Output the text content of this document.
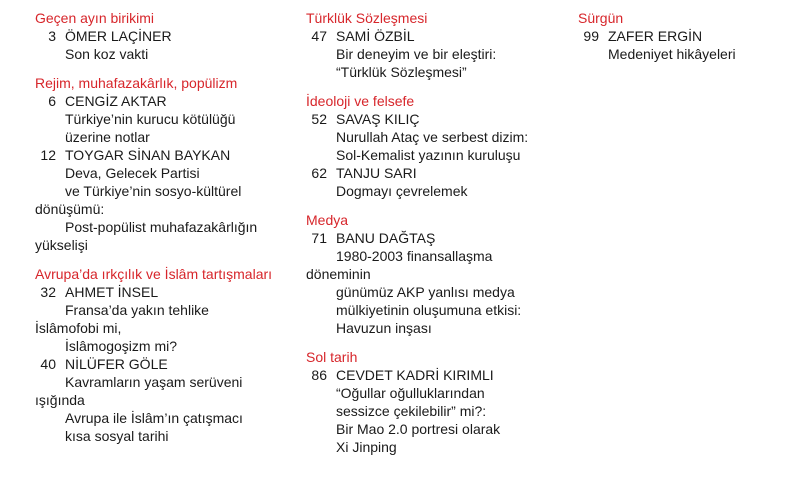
Geçen ayın birikimi
3 ÖMER LAÇİNER
Son koz vakti
Rejim, muhafazakârlık, popülizm
6 CENGİZ AKTAR
Türkiye’nin kurucu kötülüğü
üzerine notlar
12 TOYGAR SİNAN BAYKAN
Deva, Gelecek Partisi
ve Türkiye’nin sosyo-kültürel
dönüşümü:
Post-popülist muhafazakârlığın
yükselişi
Avrupa’da ırkçılık ve İslâm tartışmaları
32 AHMET İNSEL
Fransa’da yakın tehlike
İslâmofobi mi,
İslâmogoşizm mi?
40 NİLÜFER GÖLE
Kavramların yaşam serüveni
ışığında
Avrupa ile İslâm’ın çatışmacı
kısa sosyal tarihi
Türklük Sözleşmesi
47 SAMİ ÖZBİL
Bir deneyim ve bir eleştiri:
“Türklük Sözleşmesi”
İdeoloji ve felsefe
52 SAVAŞ KILIÇ
Nurullah Ataç ve serbest dizim:
Sol-Kemalist yazının kuruluşu
62 TANJU SARI
Dogmayı çevrelemek
Medya
71 BANU DAĞTAŞ
1980-2003 finansallaşma
döneminin
günümüz AKP yanlısı medya
mülkiyetinin oluşumuna etkisi:
Havuzun inşası
Sol tarih
86 CEVDET KADRİ KIRIMLI
“Oğullar oğulluklarından
sessizce çekilebilir” mi?:
Bir Mao 2.0 portresi olarak
Xi Jinping
Sürgün
99 ZAFER ERGİN
Medeniyet hikâyeleri
